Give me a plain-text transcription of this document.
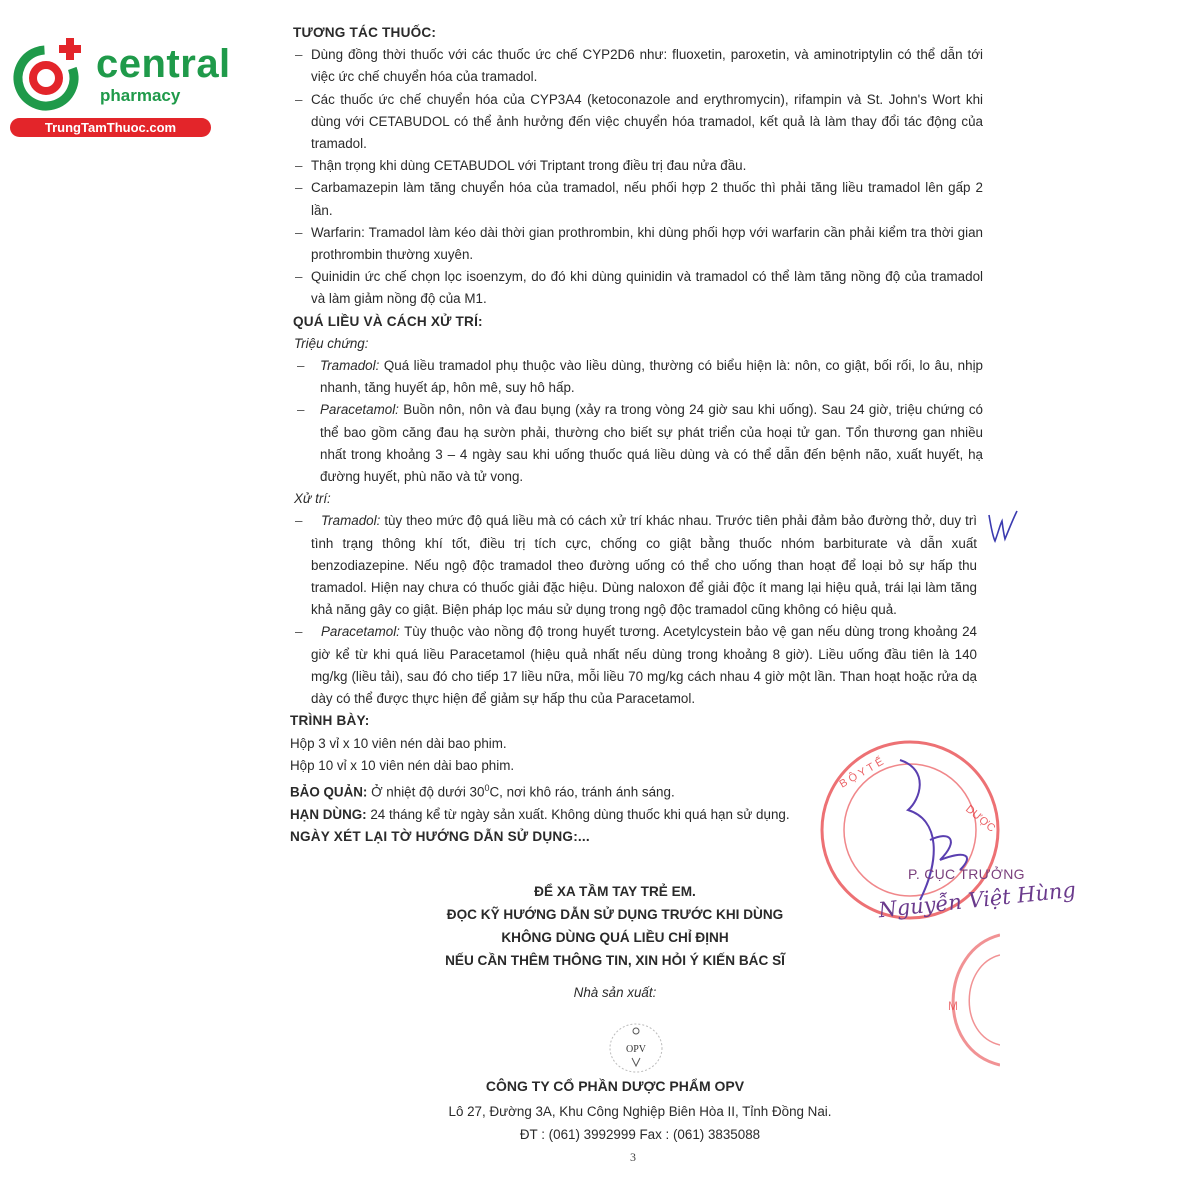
central
pharmacy
TrungTamThuoc.com
TƯƠNG TÁC THUỐC:
– Dùng đồng thời thuốc với các thuốc ức chế CYP2D6 như: fluoxetin, paroxetin, và aminotriptylin có thể dẫn tới việc ức chế chuyển hóa của tramadol.
– Các thuốc ức chế chuyển hóa của CYP3A4 (ketoconazole and erythromycin), rifampin và St. John's Wort khi dùng với CETABUDOL có thể ảnh hưởng đến việc chuyển hóa tramadol, kết quả là làm thay đổi tác động của tramadol.
– Thận trọng khi dùng CETABUDOL với Triptant trong điều trị đau nửa đầu.
– Carbamazepin làm tăng chuyển hóa của tramadol, nếu phối hợp 2 thuốc thì phải tăng liều tramadol lên gấp 2 lần.
– Warfarin: Tramadol làm kéo dài thời gian prothrombin, khi dùng phối hợp với warfarin cần phải kiểm tra thời gian prothrombin thường xuyên.
– Quinidin ức chế chọn lọc isoenzym, do đó khi dùng quinidin và tramadol có thể làm tăng nồng độ của tramadol và làm giảm nồng độ của M1.
QUÁ LIỀU VÀ CÁCH XỬ TRÍ:
Triệu chứng:
– Tramadol: Quá liều tramadol phụ thuộc vào liều dùng, thường có biểu hiện là: nôn, co giật, bối rối, lo âu, nhịp nhanh, tăng huyết áp, hôn mê, suy hô hấp.
– Paracetamol: Buồn nôn, nôn và đau bụng (xảy ra trong vòng 24 giờ sau khi uống). Sau 24 giờ, triệu chứng có thể bao gồm căng đau hạ sườn phải, thường cho biết sự phát triển của hoại tử gan. Tổn thương gan nhiều nhất trong khoảng 3 – 4 ngày sau khi uống thuốc quá liều dùng và có thể dẫn đến bệnh não, xuất huyết, hạ đường huyết, phù não và tử vong.
Xử trí:
– Tramadol: tùy theo mức độ quá liều mà có cách xử trí khác nhau. Trước tiên phải đảm bảo đường thở, duy trì tình trạng thông khí tốt, điều trị tích cực, chống co giật bằng thuốc nhóm barbiturate và dẫn xuất benzodiazepine. Nếu ngộ độc tramadol theo đường uống có thể cho uống than hoạt để loại bỏ sự hấp thu tramadol. Hiện nay chưa có thuốc giải đặc hiệu. Dùng naloxon để giải độc ít mang lại hiệu quả, trái lại làm tăng khả năng gây co giật. Biện pháp lọc máu sử dụng trong ngộ độc tramadol cũng không có hiệu quả.
– Paracetamol: Tùy thuộc vào nồng độ trong huyết tương. Acetylcystein bảo vệ gan nếu dùng trong khoảng 24 giờ kể từ khi quá liều Paracetamol (hiệu quả nhất nếu dùng trong khoảng 8 giờ). Liều uống đầu tiên là 140 mg/kg (liều tải), sau đó cho tiếp 17 liều nữa, mỗi liều 70 mg/kg cách nhau 4 giờ một lần. Than hoạt hoặc rửa dạ dày có thể được thực hiện để giảm sự hấp thu của Paracetamol.
TRÌNH BÀY:
Hộp 3 vỉ x 10 viên nén dài bao phim.
Hộp 10 vỉ x 10 viên nén dài bao phim.
BẢO QUẢN: Ở nhiệt độ dưới $30^0C$, nơi khô ráo, tránh ánh sáng.
HẠN DÙNG: 24 tháng kể từ ngày sản xuất. Không dùng thuốc khi quá hạn sử dụng.
NGÀY XÉT LẠI TỜ HƯỚNG DẪN SỬ DỤNG:...
ĐỂ XA TẦM TAY TRẺ EM.
ĐỌC KỸ HƯỚNG DẪN SỬ DỤNG TRƯỚC KHI DÙNG
KHÔNG DÙNG QUÁ LIỀU CHỈ ĐỊNH
NẾU CẦN THÊM THÔNG TIN, XIN HỎI Ý KIẾN BÁC SĨ
Nhà sản xuất:
OPV
CÔNG TY CỔ PHẦN DƯỢC PHẨM OPV
Lô 27, Đường 3A, Khu Công Nghiệp Biên Hòa II, Tỉnh Đồng Nai.
ĐT : (061) 3992999 Fax : (061) 3835088
3
B Ộ Y T Ế
DƯỢC
M
P. CỤC TRƯỞNG
Nguyễn Việt Hùng
